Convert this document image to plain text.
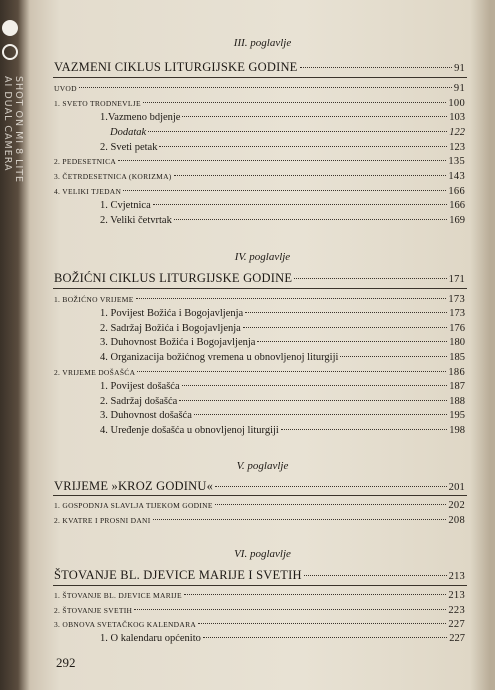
SHOT ON MI 8 LITE
AI DUAL CAMERA
III. poglavlje
VAZMENI CIKLUS LITURGIJSKE GODINE	91
UVOD	91
1. SVETO TRODNEVLJE	100
1.Vazmeno bdjenje	103
Dodatak	122
2. Sveti petak	123
2. PEDESETNICA	135
3. ČETRDESETNICA (KORIZMA)	143
4. VELIKI TJEDAN	166
1. Cvjetnica	166
2. Veliki četvrtak	169
IV. poglavlje
BOŽIĆNI CIKLUS LITURGIJSKE GODINE	171
1. BOŽIĆNO VRIJEME	173
1. Povijest Božića i Bogojavljenja	173
2. Sadržaj Božića i Bogojavljenja	176
3. Duhovnost Božića i Bogojavljenja	180
4. Organizacija božićnog vremena u obnovljenoj liturgiji	185
2. VRIJEME DOŠAŠĆA	186
1. Povijest došašća	187
2. Sadržaj došašća	188
3. Duhovnost došašća	195
4. Uređenje došašća u obnovljenoj liturgiji	198
V. poglavlje
VRIJEME »KROZ GODINU«	201
1. GOSPODNJA SLAVLJA TIJEKOM GODINE	202
2. KVATRE I PROSNI DANI	208
VI. poglavlje
ŠTOVANJE BL. DJEVICE MARIJE I SVETIH	213
1. ŠTOVANJE BL. DJEVICE MARIJE	213
2. ŠTOVANJE SVETIH	223
3. OBNOVA SVETAČKOG KALENDARA	227
1. O kalendaru općenito	227
292
